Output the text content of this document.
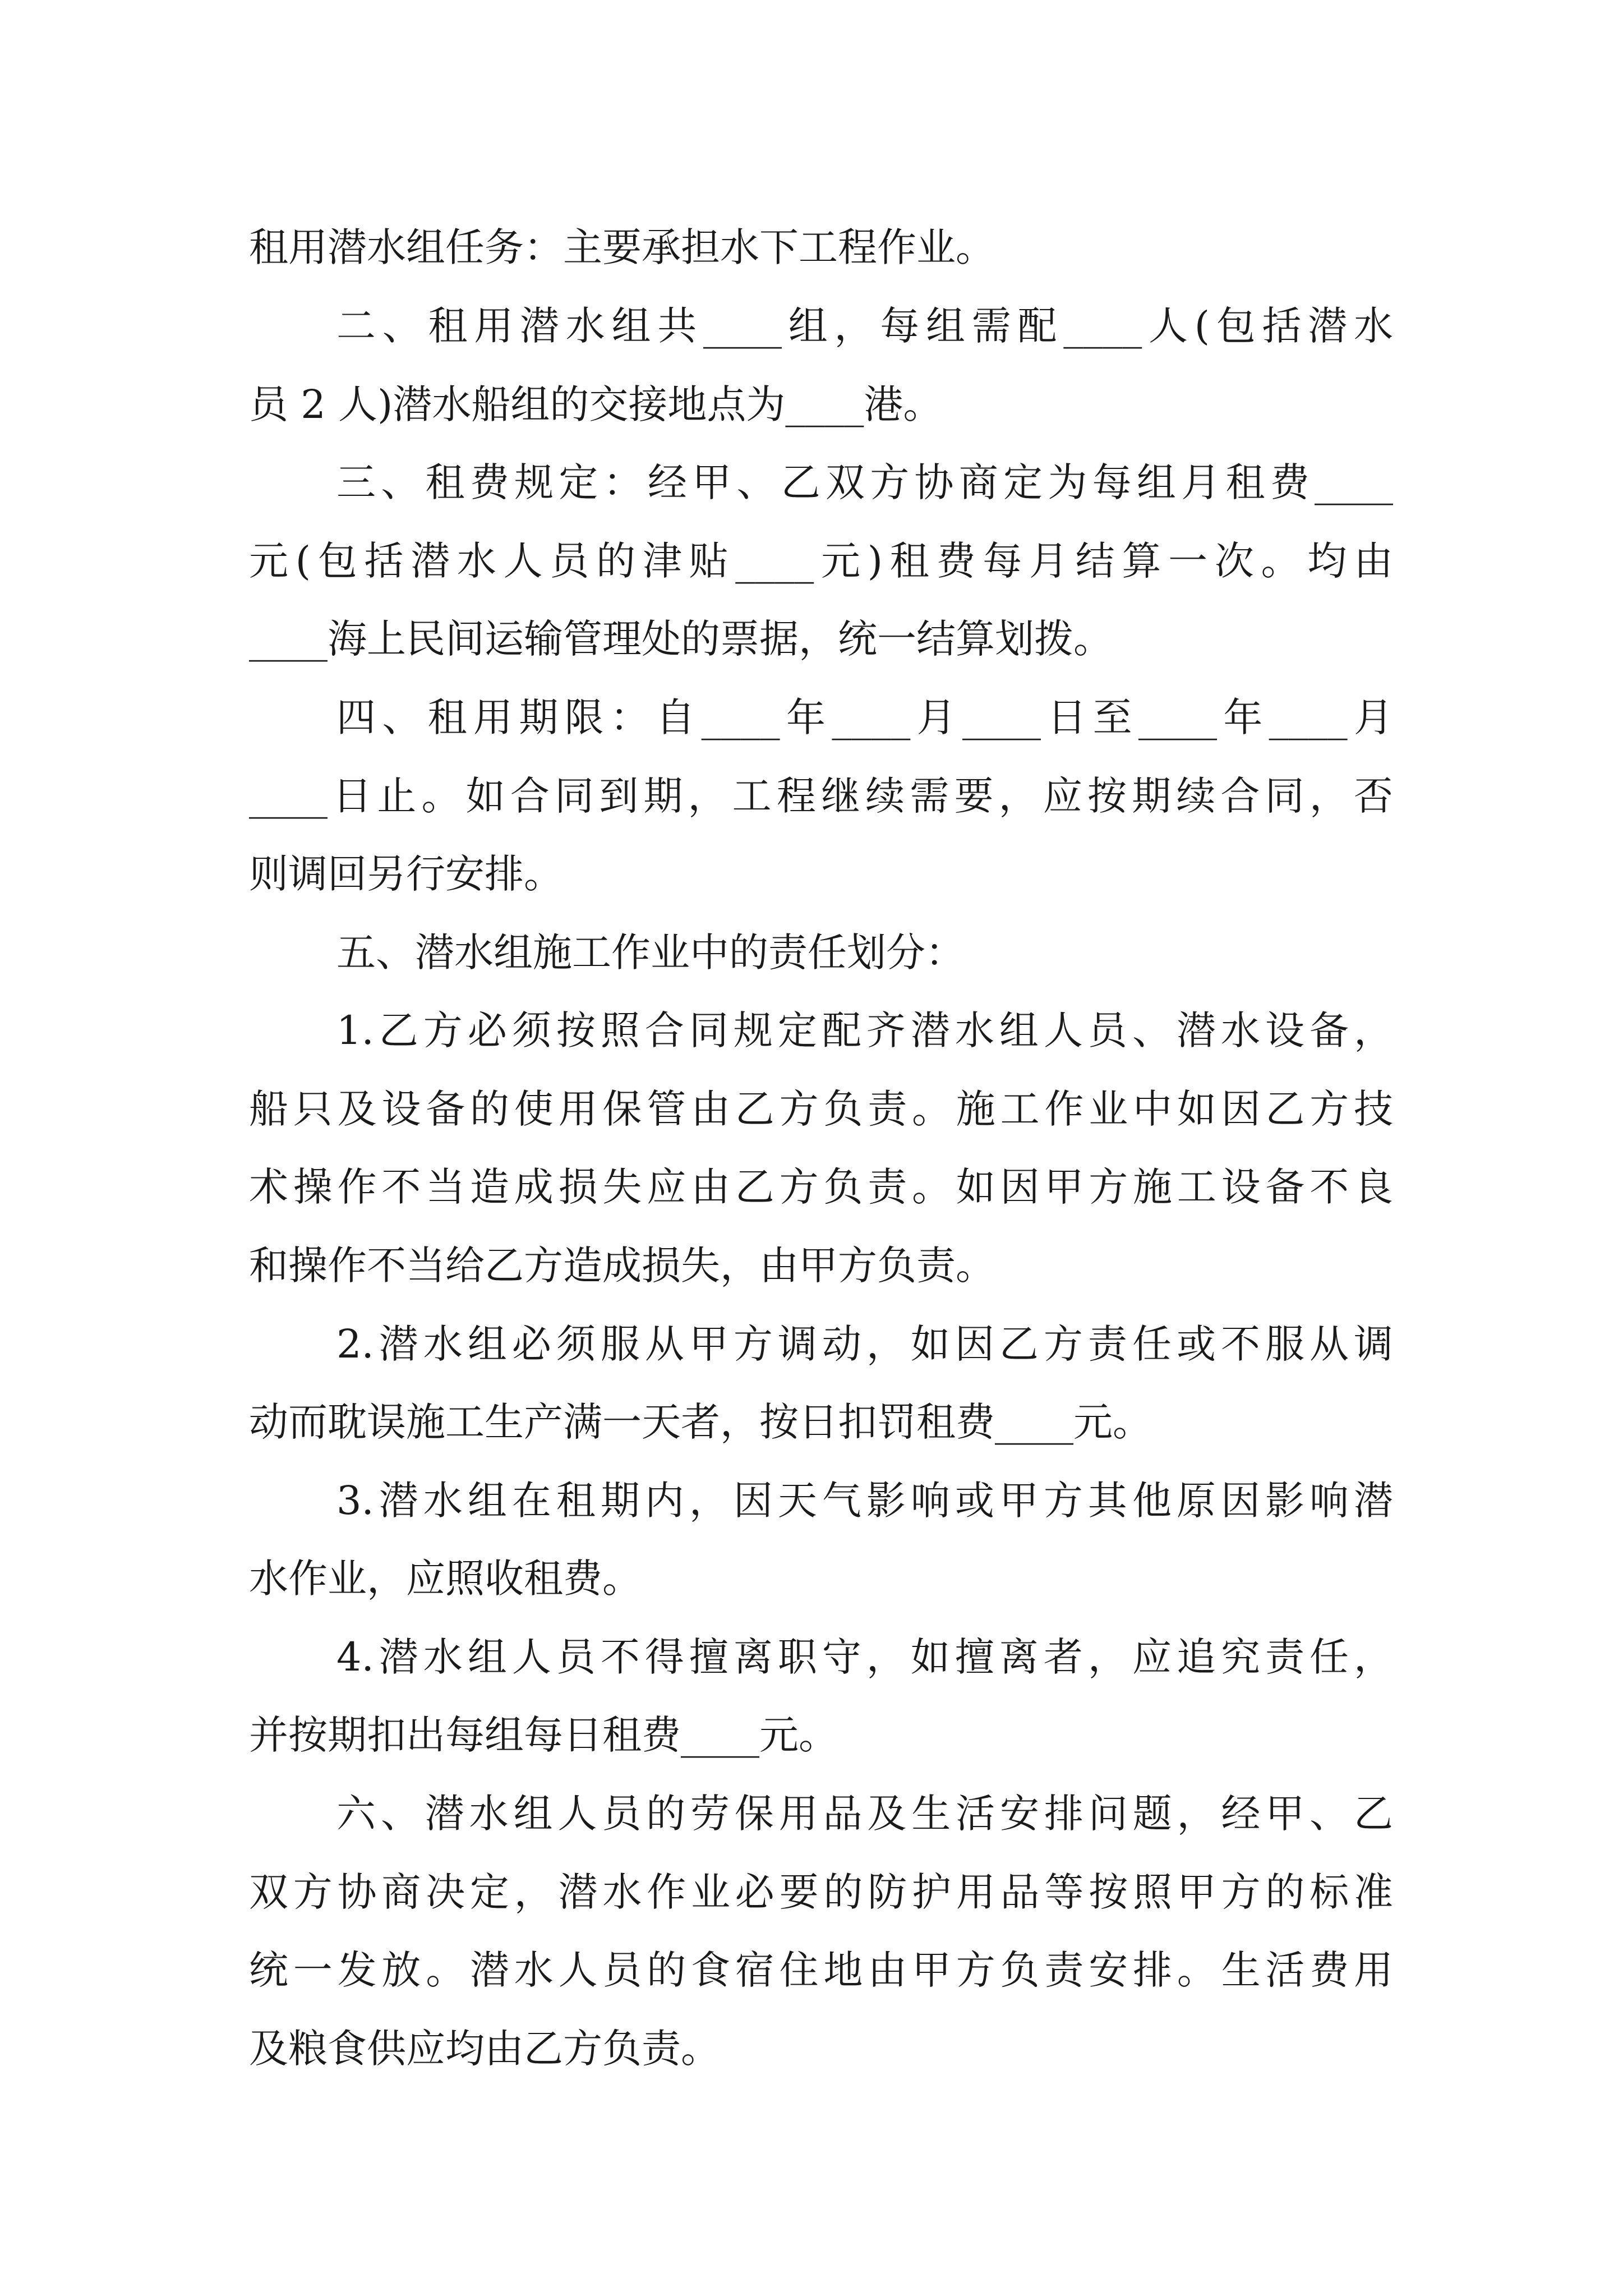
租用潜水组任务：主要承担水下工程作业。
二、租用潜水组共____组，每组需配____人(包括潜水
员 2 人)潜水船组的交接地点为____港。
三、租费规定：经甲、乙双方协商定为每组月租费____
元(包括潜水人员的津贴____元)租费每月结算一次。均由
____海上民间运输管理处的票据，统一结算划拨。
四、租用期限：自____年____月____日至____年____月
____日止。如合同到期，工程继续需要，应按期续合同，否
则调回另行安排。
五、潜水组施工作业中的责任划分：
1.乙方必须按照合同规定配齐潜水组人员、潜水设备，
船只及设备的使用保管由乙方负责。施工作业中如因乙方技
术操作不当造成损失应由乙方负责。如因甲方施工设备不良
和操作不当给乙方造成损失，由甲方负责。
2.潜水组必须服从甲方调动，如因乙方责任或不服从调
动而耽误施工生产满一天者，按日扣罚租费____元。
3.潜水组在租期内，因天气影响或甲方其他原因影响潜
水作业，应照收租费。
4.潜水组人员不得擅离职守，如擅离者，应追究责任，
并按期扣出每组每日租费____元。
六、潜水组人员的劳保用品及生活安排问题，经甲、乙
双方协商决定，潜水作业必要的防护用品等按照甲方的标准
统一发放。潜水人员的食宿住地由甲方负责安排。生活费用
及粮食供应均由乙方负责。
